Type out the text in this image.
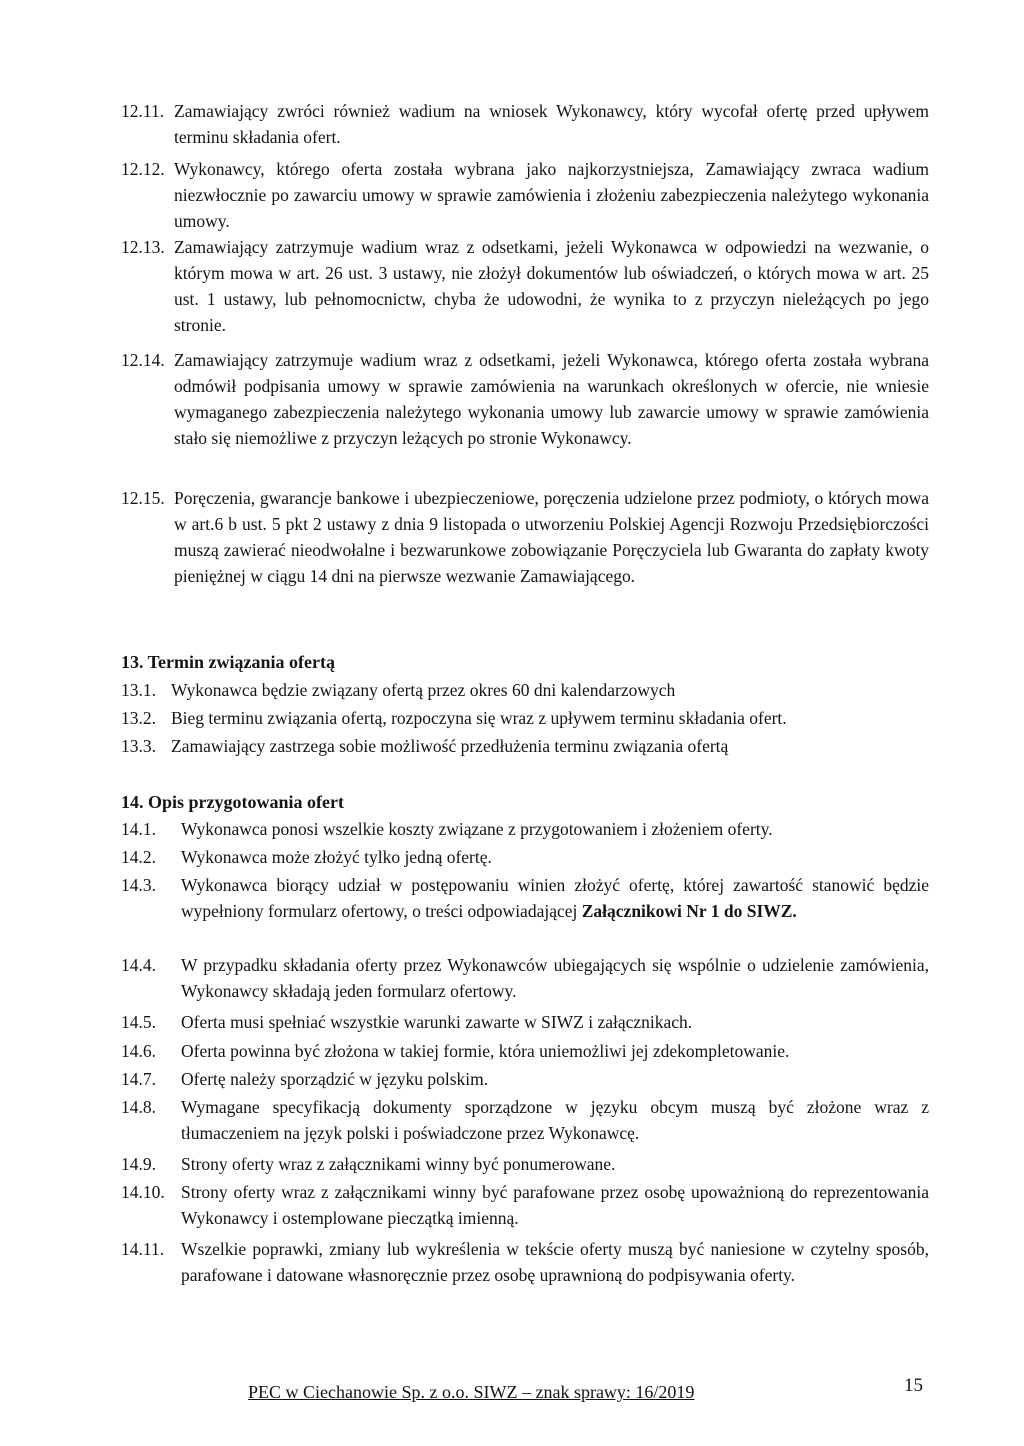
12.11. Zamawiający zwróci również wadium na wniosek Wykonawcy, który wycofał ofertę przed upływem terminu składania ofert.
12.12. Wykonawcy, którego oferta została wybrana jako najkorzystniejsza, Zamawiający zwraca wadium niezwłocznie po zawarciu umowy w sprawie zamówienia i złożeniu zabezpieczenia należytego wykonania umowy.
12.13. Zamawiający zatrzymuje wadium wraz z odsetkami, jeżeli Wykonawca w odpowiedzi na wezwanie, o którym mowa w art. 26 ust. 3 ustawy, nie złożył dokumentów lub oświadczeń, o których mowa w art. 25 ust. 1 ustawy, lub pełnomocnictw, chyba że udowodni, że wynika to z przyczyn nieleżących po jego stronie.
12.14. Zamawiający zatrzymuje wadium wraz z odsetkami, jeżeli Wykonawca, którego oferta została wybrana odmówił podpisania umowy w sprawie zamówienia na warunkach określonych w ofercie, nie wniesie wymaganego zabezpieczenia należytego wykonania umowy lub zawarcie umowy w sprawie zamówienia stało się niemożliwe z przyczyn leżących po stronie Wykonawcy.
12.15. Poręczenia, gwarancje bankowe i ubezpieczeniowe, poręczenia udzielone przez podmioty, o których mowa w art.6 b ust. 5 pkt 2 ustawy z dnia 9 listopada o utworzeniu Polskiej Agencji Rozwoju Przedsiębiorczości muszą zawierać nieodwołalne i bezwarunkowe zobowiązanie Poręczyciela lub Gwaranta do zapłaty kwoty pieniężnej w ciągu 14 dni na pierwsze wezwanie Zamawiającego.
13. Termin związania ofertą
13.1. Wykonawca będzie związany ofertą przez okres 60 dni kalendarzowych
13.2. Bieg terminu związania ofertą, rozpoczyna się wraz z upływem terminu składania ofert.
13.3. Zamawiający zastrzega sobie możliwość przedłużenia terminu związania ofertą
14. Opis przygotowania ofert
14.1.	Wykonawca ponosi wszelkie koszty związane z przygotowaniem i złożeniem oferty.
14.2.	Wykonawca może złożyć tylko jedną ofertę.
14.3.	Wykonawca biorący udział w postępowaniu winien złożyć ofertę, której zawartość stanowić będzie wypełniony formularz ofertowy, o treści odpowiadającej Załącznikowi Nr 1 do SIWZ.
14.4.	W przypadku składania oferty przez Wykonawców ubiegających się wspólnie o udzielenie zamówienia, Wykonawcy składają jeden formularz ofertowy.
14.5.	Oferta musi spełniać wszystkie warunki zawarte w SIWZ i załącznikach.
14.6.	Oferta powinna być złożona w takiej formie, która uniemożliwi jej zdekompletowanie.
14.7.	Ofertę należy sporządzić w języku polskim.
14.8.	Wymagane specyfikacją dokumenty sporządzone w języku obcym muszą być złożone wraz z tłumaczeniem na język polski i poświadczone przez Wykonawcę.
14.9.	Strony oferty wraz z załącznikami winny być ponumerowane.
14.10. Strony oferty wraz z załącznikami winny być parafowane przez osobę upoważnioną do reprezentowania Wykonawcy i ostemplowane pieczątką imienną.
14.11. Wszelkie poprawki, zmiany lub wykreślenia w tekście oferty muszą być naniesione w czytelny sposób, parafowane i datowane własnoręcznie przez osobę uprawnioną do podpisywania oferty.
PEC w Ciechanowie Sp. z o.o. SIWZ – znak sprawy: 16/2019	15
